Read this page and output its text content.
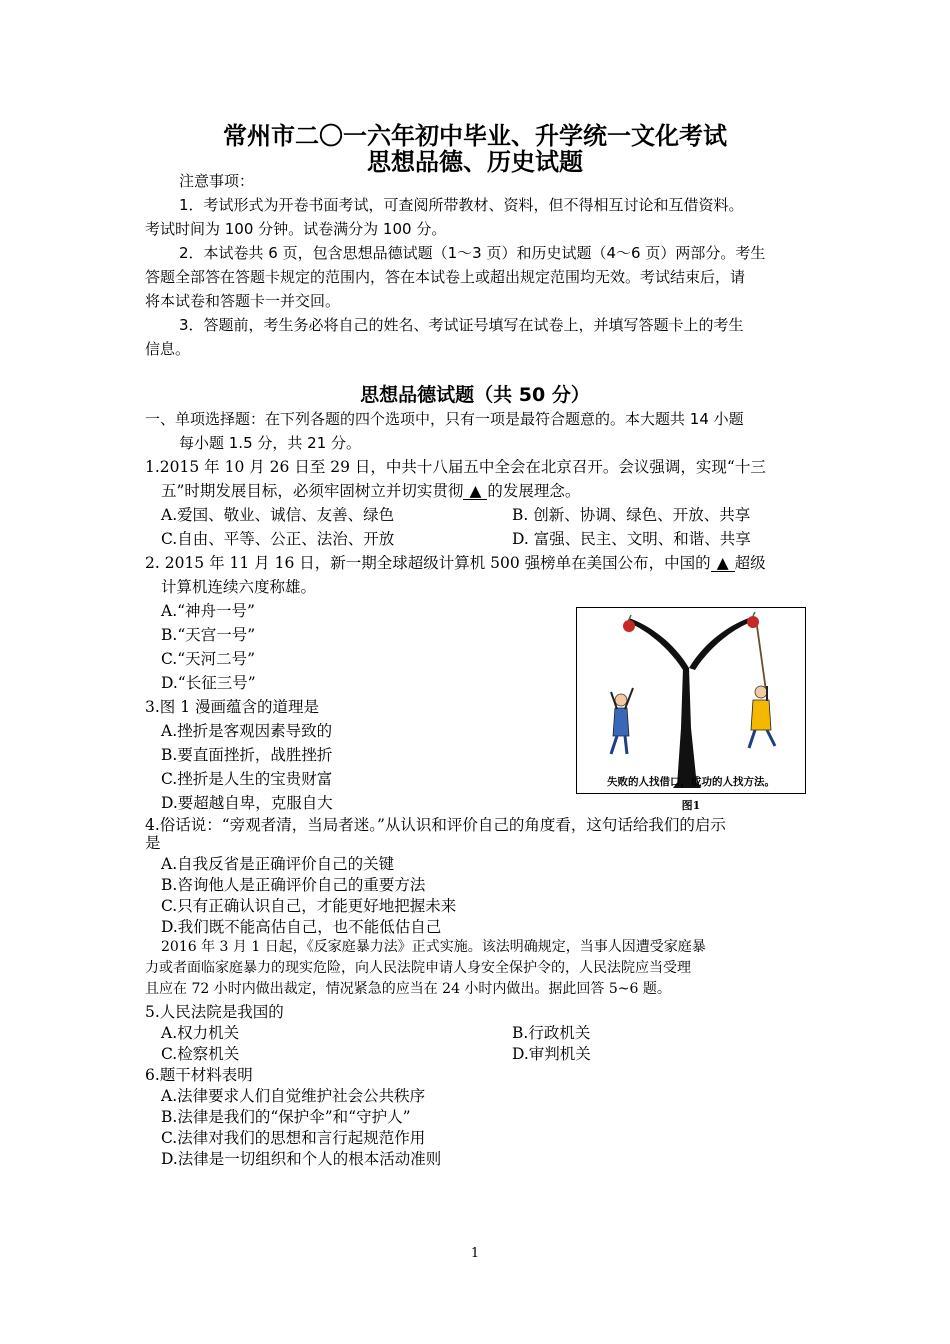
常州市二〇一六年初中毕业、升学统一文化考试
思想品德、历史试题
注意事项：
1．考试形式为开卷书面考试，可查阅所带教材、资料，但不得相互讨论和互借资料。
考试时间为 100 分钟。试卷满分为 100 分。
2．本试卷共 6 页，包含思想品德试题（1～3 页）和历史试题（4～6 页）两部分。考生
答题全部答在答题卡规定的范围内，答在本试卷上或超出规定范围均无效。考试结束后，请
将本试卷和答题卡一并交回。
3．答题前，考生务必将自己的姓名、考试证号填写在试卷上，并填写答题卡上的考生
信息。
思想品德试题（共 50 分）
一、单项选择题：在下列各题的四个选项中，只有一项是最符合题意的。本大题共 14 小题
每小题 1.5 分，共 21 分。
1.2015 年 10 月 26 日至 29 日，中共十八届五中全会在北京召开。会议强调，实现“十三
五”时期发展目标，必须牢固树立并切实贯彻 ▲ 的发展理念。
A.爱国、敬业、诚信、友善、绿色	B. 创新、协调、绿色、开放、共享
C.自由、平等、公正、法治、开放	D. 富强、民主、文明、和谐、共享
2. 2015 年 11 月 16 日，新一期全球超级计算机 500 强榜单在美国公布，中国的 ▲ 超级
计算机连续六度称雄。
A.“神舟一号”
B.“天宫一号”
C.“天河二号”
D.“长征三号”
失败的人找借口，成功的人找方法。
图1
3.图 1 漫画蕴含的道理是
A.挫折是客观因素导致的
B.要直面挫折，战胜挫折
C.挫折是人生的宝贵财富
D.要超越自卑，克服自大
4.俗话说：“旁观者清，当局者迷。”从认识和评价自己的角度看，这句话给我们的启示
是
A.自我反省是正确评价自己的关键
B.咨询他人是正确评价自己的重要方法
C.只有正确认识自己，才能更好地把握未来
D.我们既不能高估自己，也不能低估自己
2016 年 3 月 1 日起，《反家庭暴力法》正式实施。该法明确规定，当事人因遭受家庭暴
力或者面临家庭暴力的现实危险，向人民法院申请人身安全保护令的，人民法院应当受理
且应在 72 小时内做出裁定，情况紧急的应当在 24 小时内做出。据此回答 5~6 题。
5.人民法院是我国的
A.权力机关	B.行政机关
C.检察机关	D.审判机关
6.题干材料表明
A.法律要求人们自觉维护社会公共秩序
B.法律是我们的“保护伞”和“守护人”
C.法律对我们的思想和言行起规范作用
D.法律是一切组织和个人的根本活动准则
1
